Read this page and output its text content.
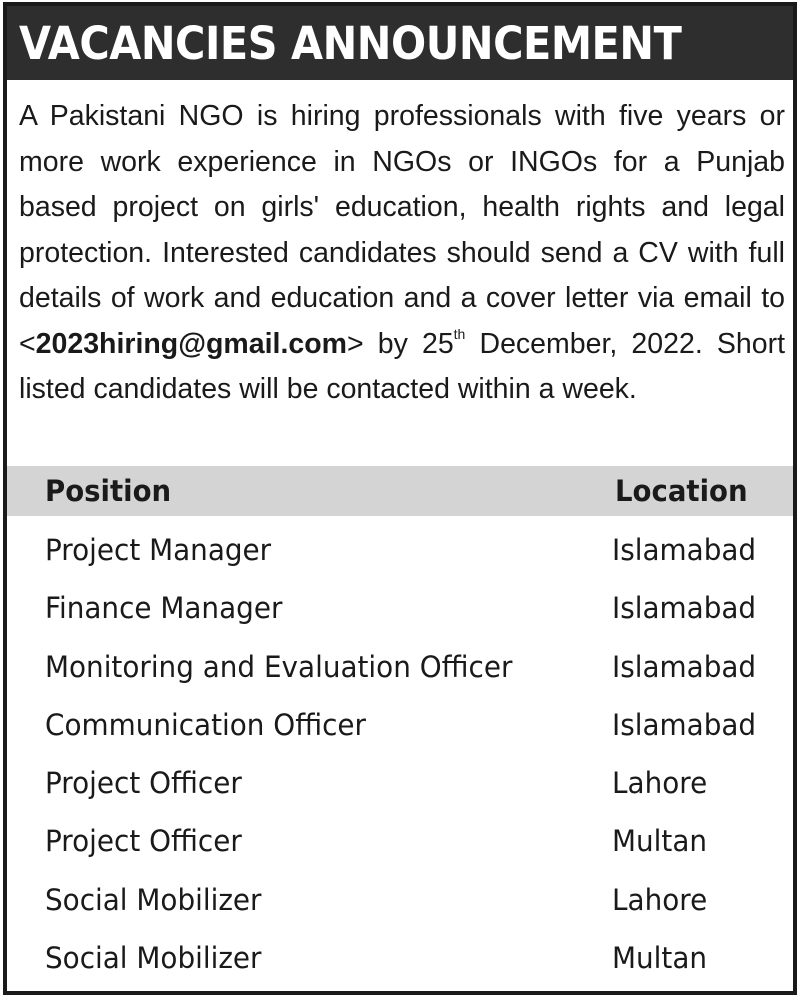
VACANCIES ANNOUNCEMENT
A Pakistani NGO is hiring professionals with five years or more work experience in NGOs or INGOs for a Punjab based project on girls' education, health rights and legal protection. Interested candidates should send a CV with full details of work and education and a cover letter via email to <2023hiring@gmail.com> by 25th December, 2022. Short listed candidates will be contacted within a week.
Position	Location
Project Manager	Islamabad
Finance Manager	Islamabad
Monitoring and Evaluation Officer	Islamabad
Communication Officer	Islamabad
Project Officer	Lahore
Project Officer	Multan
Social Mobilizer	Lahore
Social Mobilizer	Multan
